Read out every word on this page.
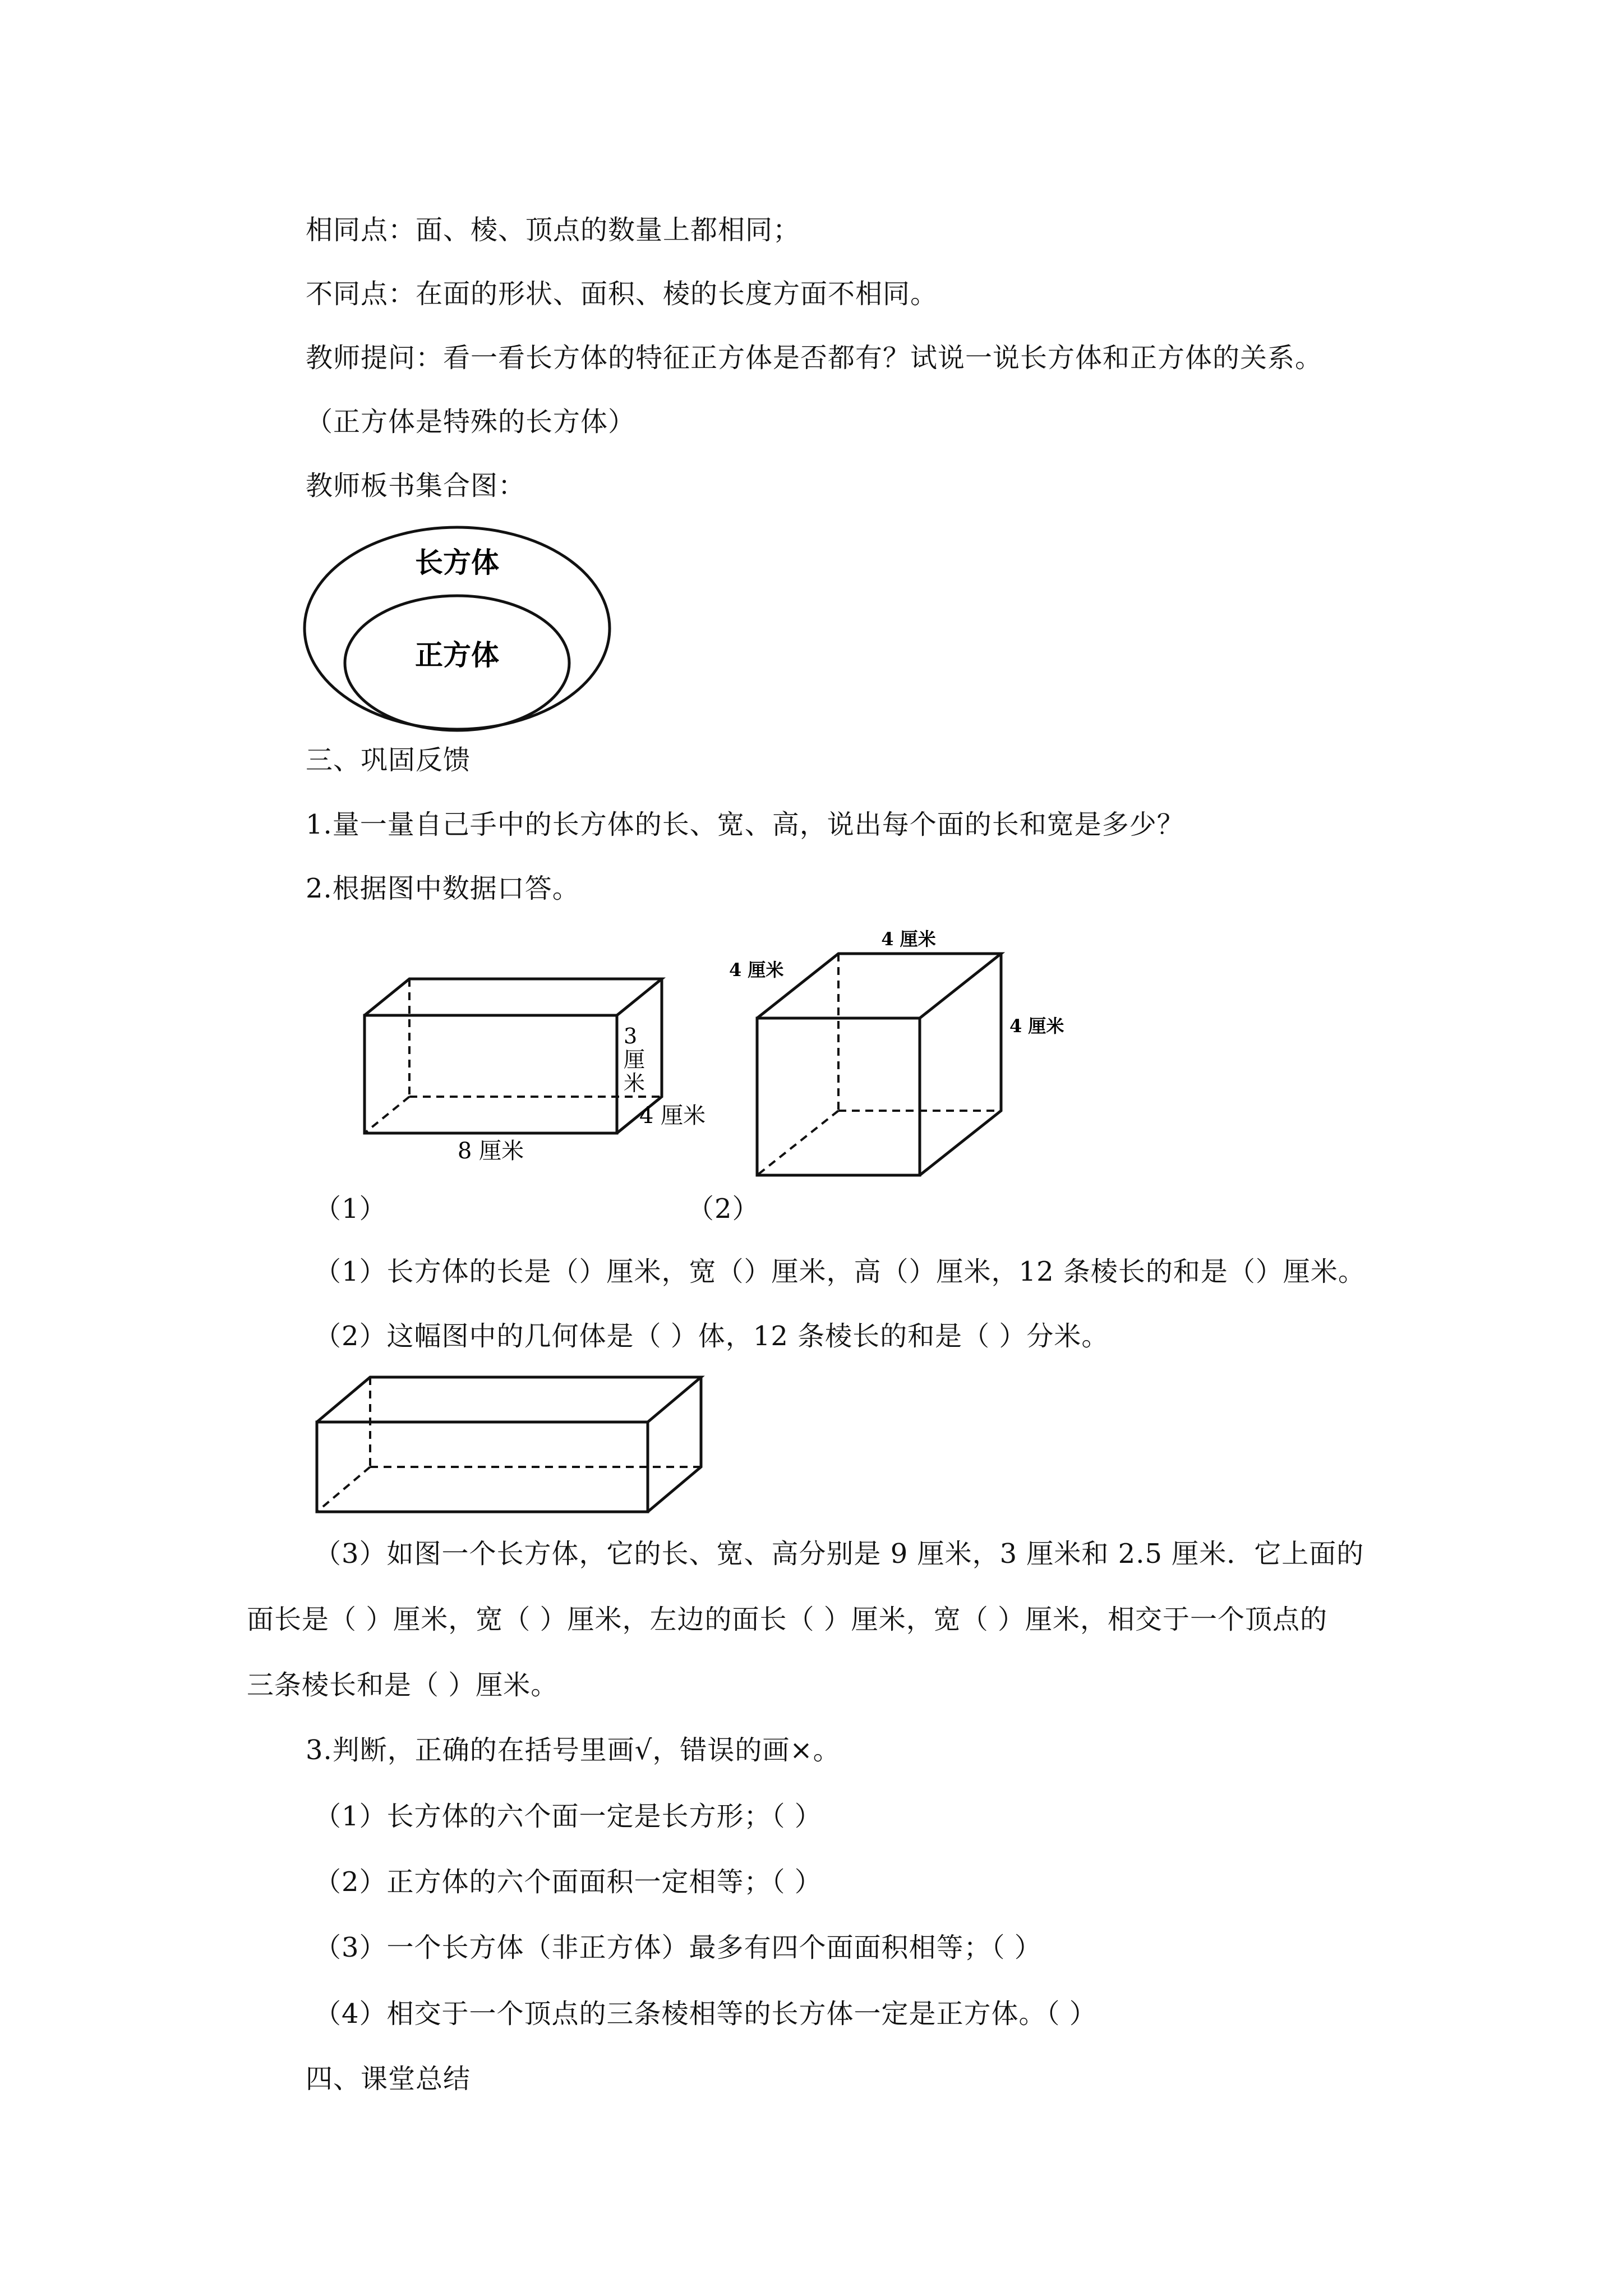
相同点：面、棱、顶点的数量上都相同；
不同点：在面的形状、面积、棱的长度方面不相同。
教师提问：看一看长方体的特征正方体是否都有？试说一说长方体和正方体的关系。
（正方体是特殊的长方体）
教师板书集合图：
长方体
正方体
三、巩固反馈
1.量一量自己手中的长方体的长、宽、高，说出每个面的长和宽是多少？
2.根据图中数据口答。
8 厘米
4 厘米
3
厘
米
4 厘米
4 厘米
4 厘米
（1）	（2）
（1）长方体的长是（）厘米，宽（）厘米，高（）厘米，12 条棱长的和是（）厘米。
（2）这幅图中的几何体是（ ）体，12 条棱长的和是（ ）分米。
（3）如图一个长方体，它的长、宽、高分别是 9 厘米，3 厘米和 2.5 厘米．它上面的
面长是（ ）厘米，宽（ ）厘米，左边的面长（ ）厘米，宽（ ）厘米，相交于一个顶点的
三条棱长和是（ ）厘米。
3.判断，正确的在括号里画√，错误的画×。
（1）长方体的六个面一定是长方形；（ ）
（2）正方体的六个面面积一定相等；（ ）
（3）一个长方体（非正方体）最多有四个面面积相等；（ ）
（4）相交于一个顶点的三条棱相等的长方体一定是正方体。（ ）
四、课堂总结
